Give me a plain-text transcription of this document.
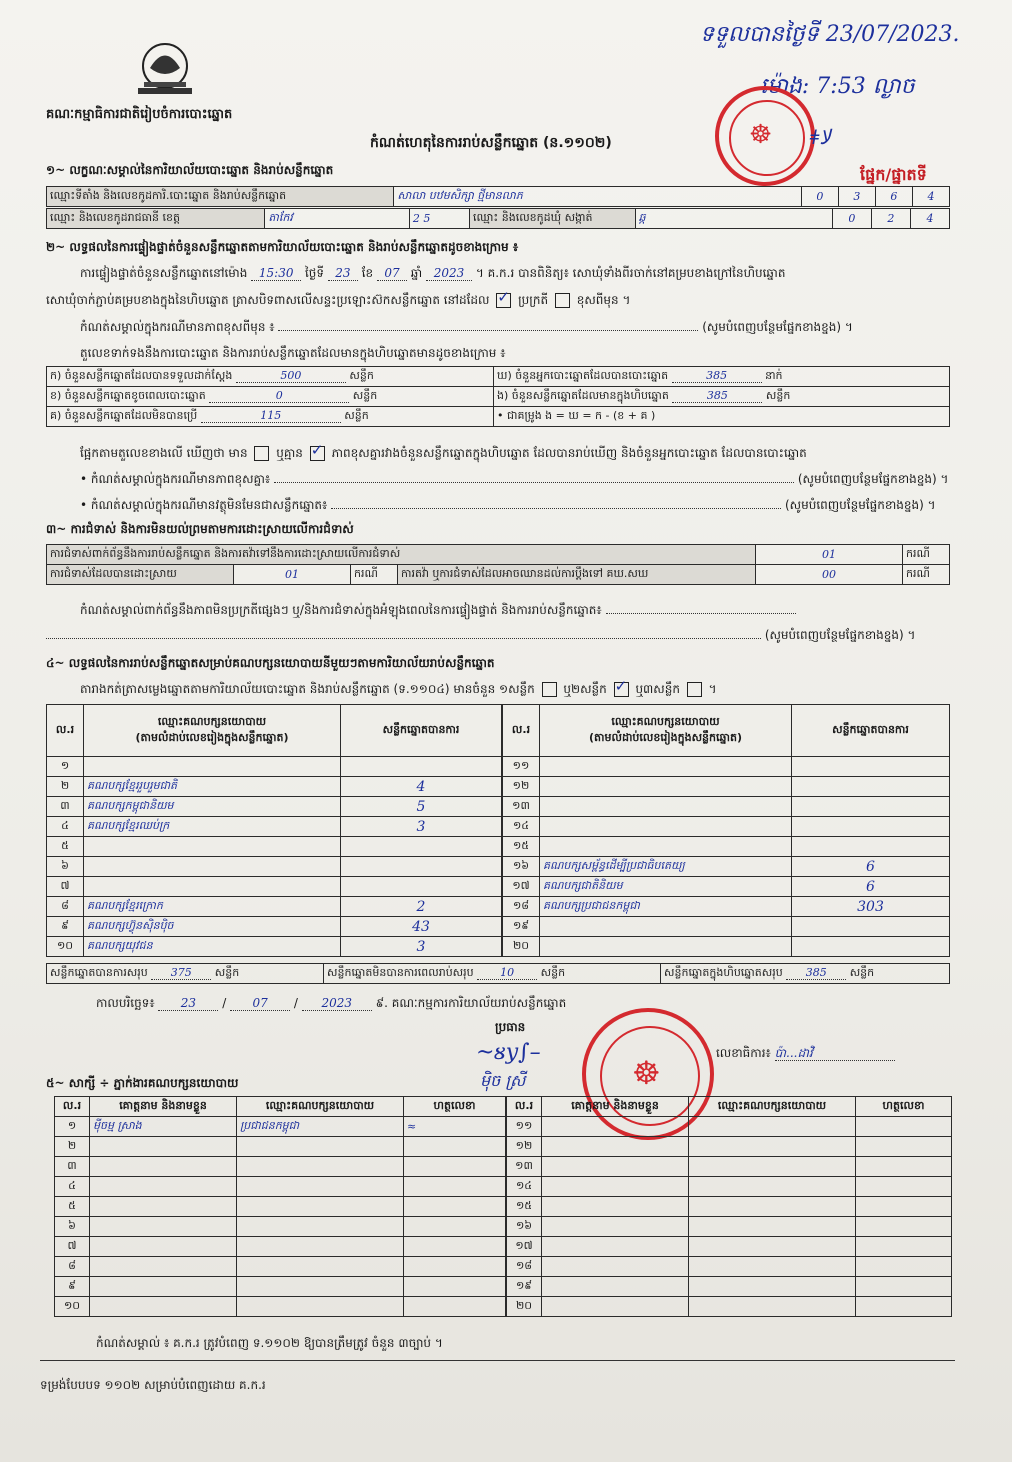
គណៈកម្មាធិការជាតិរៀបចំការបោះឆ្នោត
ទទួលបានថ្ងៃទី 23/07/2023.
ម៉ោង: 7:53 ល្ងាច
☸ ǂﻻ
កំណត់ហេតុនៃការរាប់សន្លឹកឆ្នោត (ន.១១០២)
១~ លក្ខណៈសម្គាល់នៃការិយាល័យបោះឆ្នោត និងរាប់សន្លឹកឆ្នោត	ផ្នែក/ផ្នាតទី
ឈ្មោះទីតាំង និងលេខកូដការិ.បោះឆ្នោត និងរាប់សន្លឹកឆ្នោត	សាលា បឋមសិក្សា ថ្មីមានលាភ	0	3	6	4
ឈ្មោះ និងលេខកូដរាជធានី ខេត្ត	តាកែវ	2 5	ឈ្មោះ និងលេខកូដឃុំ សង្កាត់	ឆ្ក	0	2	4
២~ លទ្ធផលនៃការផ្ទៀងផ្ទាត់ចំនួនសន្លឹកឆ្នោតតាមការិយាល័យបោះឆ្នោត និងរាប់សន្លឹកឆ្នោតដូចខាងក្រោម ៖
ការផ្ទៀងផ្ទាត់ចំនួនសន្លឹកឆ្នោតនៅម៉ោង 15:30 ថ្ងៃទី 23 ខែ 07 ឆ្នាំ 2023 ។ គ.ក.រ បានពិនិត្យ៖ សោឃុំទាំងពីរចាក់នៅគម្របខាងក្រៅនៃហិបឆ្នោត
សោឃុំចាក់ភ្ជាប់គម្របខាងក្នុងនៃហិបឆ្នោត ត្រាសបិទពាសលើសន្ទះប្រឡោះស៊កសន្លឹកឆ្នោត នៅដដែល ✓ ប្រក្រតី ខុសពីមុន ។
កំណត់សម្គាល់ក្នុងករណីមានភាពខុសពីមុន ៖	(សូមបំពេញបន្ថែមផ្នែកខាងខ្នង) ។
តួលេខទាក់ទងនឹងការបោះឆ្នោត និងការរាប់សន្លឹកឆ្នោតដែលមានក្នុងហិបឆ្នោតមានដូចខាងក្រោម ៖
ក) ចំនួនសន្លឹកឆ្នោតដែលបានទទួលដាក់ស្តែង 500 សន្លឹក	ឃ) ចំនួនអ្នកបោះឆ្នោតដែលបានបោះឆ្នោត 385 នាក់
ខ) ចំនួនសន្លឹកឆ្នោតខូចពេលបោះឆ្នោត 0 សន្លឹក	ង) ចំនួនសន្លឹកឆ្នោតដែលមានក្នុងហិបឆ្នោត 385 សន្លឹក
គ) ចំនួនសន្លឹកឆ្នោតដែលមិនបានប្រើ 115 សន្លឹក	• ជាគម្រូង ង = ឃ = ក - (ខ + គ )
ផ្អែកតាមតួលេខខាងលើ ឃើញថា មាន ឬគ្មាន ✓ ភាពខុសគ្នារវាងចំនួនសន្លឹកឆ្នោតក្នុងហិបឆ្នោត ដែលបានរាប់ឃើញ និងចំនួនអ្នកបោះឆ្នោត ដែលបានបោះឆ្នោត
• កំណត់សម្គាល់ក្នុងករណីមានភាពខុសគ្នា៖	(សូមបំពេញបន្ថែមផ្នែកខាងខ្នង) ។
• កំណត់សម្គាល់ក្នុងករណីមានវត្ថុមិនមែនជាសន្លឹកឆ្នោត៖	(សូមបំពេញបន្ថែមផ្នែកខាងខ្នង) ។
៣~ ការជំទាស់ និងការមិនយល់ព្រមតាមការដោះស្រាយលើការជំទាស់
ការជំទាស់ពាក់ព័ន្ធនឹងការរាប់សន្លឹកឆ្នោត និងការតវ៉ាទៅនឹងការដោះស្រាយលើការជំទាស់				01	ករណី
ការជំទាស់ដែលបានដោះស្រាយ	01	ករណី	ការតវ៉ា ឬការជំទាស់ដែលអាចឈានដល់ការប្ដឹងទៅ គឃ.សឃ	00	ករណី
កំណត់សម្គាល់ពាក់ព័ន្ធនឹងភាពមិនប្រក្រតីផ្សេងៗ ឬ/និងការជំទាស់ក្នុងអំឡុងពេលនៃការផ្ទៀងផ្ទាត់ និងការរាប់សន្លឹកឆ្នោត៖
(សូមបំពេញបន្ថែមផ្នែកខាងខ្នង) ។
៤~ លទ្ធផលនៃការរាប់សន្លឹកឆ្នោតសម្រាប់គណបក្សនយោបាយនីមួយៗតាមការិយាល័យរាប់សន្លឹកឆ្នោត
តារាងកត់ត្រាសម្លេងឆ្នោតតាមការិយាល័យបោះឆ្នោត និងរាប់សន្លឹកឆ្នោត (ទ.១១០៤) មានចំនួន ១សន្លឹក ឬ២សន្លឹក ✓ ឬ៣សន្លឹក  ។
ល.រ	ឈ្មោះគណបក្សនយោបាយ
(តាមលំដាប់លេខរៀងក្នុងសន្លឹកឆ្នោត)	សន្លឹកឆ្នោតបានការ
១		
២	គណបក្សខ្មែររួបរួមជាតិ	4
៣	គណបក្សកម្ពុជានិយម	5
៤	គណបក្សខ្មែរឈប់ក្រ	3
៥		
៦		
៧		
៨	គណបក្សខ្មែរក្រោក	2
៩	គណបក្សហ៊្វុនស៊ិនប៉ិច	43
១០	គណបក្សយុវជន	3
ល.រ	ឈ្មោះគណបក្សនយោបាយ
(តាមលំដាប់លេខរៀងក្នុងសន្លឹកឆ្នោត)	សន្លឹកឆ្នោតបានការ
១១		
១២		
១៣		
១៤		
១៥		
១៦	គណបក្សសម្ព័ន្ធដើម្បីប្រជាធិបតេយ្យ	6
១៧	គណបក្សជាតិនិយម	6
១៨	គណបក្សប្រជាជនកម្ពុជា	303
១៩		
២០		
សន្លឹកឆ្នោតបានការសរុប 375 សន្លឹក	សន្លឹកឆ្នោតមិនបានការពេលរាប់សរុប 10 សន្លឹក	សន្លឹកឆ្នោតក្នុងហិបឆ្នោតសរុប 385 សន្លឹក
កាលបរិច្ឆេទ៖ 23 / 07 / 2023 ៩. គណៈកម្មការការិយាល័យរាប់សន្លឹកឆ្នោត
ប្រធាន
~ᴕy∫–
ម៉ិច ស្រី	☸
លេខាធិការ៖ ប៉ា...ដាវិ
៥~ សាក្សី ÷ ភ្នាក់ងារគណបក្សនយោបាយ
ល.រ	គោត្តនាម និងនាមខ្លួន	ឈ្មោះគណបក្សនយោបាយ	ហត្ថលេខា
១	ម៉ីចម្ម ស្រាង	ប្រជាជនកម្ពុជា	≈
២			
៣			
៤			
៥			
៦			
៧			
៨			
៩			
១០			
ល.រ	គោត្តនាម និងនាមខ្លួន	ឈ្មោះគណបក្សនយោបាយ	ហត្ថលេខា
១១			
១២			
១៣			
១៤			
១៥			
១៦			
១៧			
១៨			
១៩			
២០			
កំណត់សម្គាល់ ៖ គ.ក.រ ត្រូវបំពេញ ទ.១១០២ ឱ្យបានត្រឹមត្រូវ ចំនួន ៣ច្បាប់ ។
ទម្រង់បែបបទ ១១០២ សម្រាប់បំពេញដោយ គ.ក.រ
